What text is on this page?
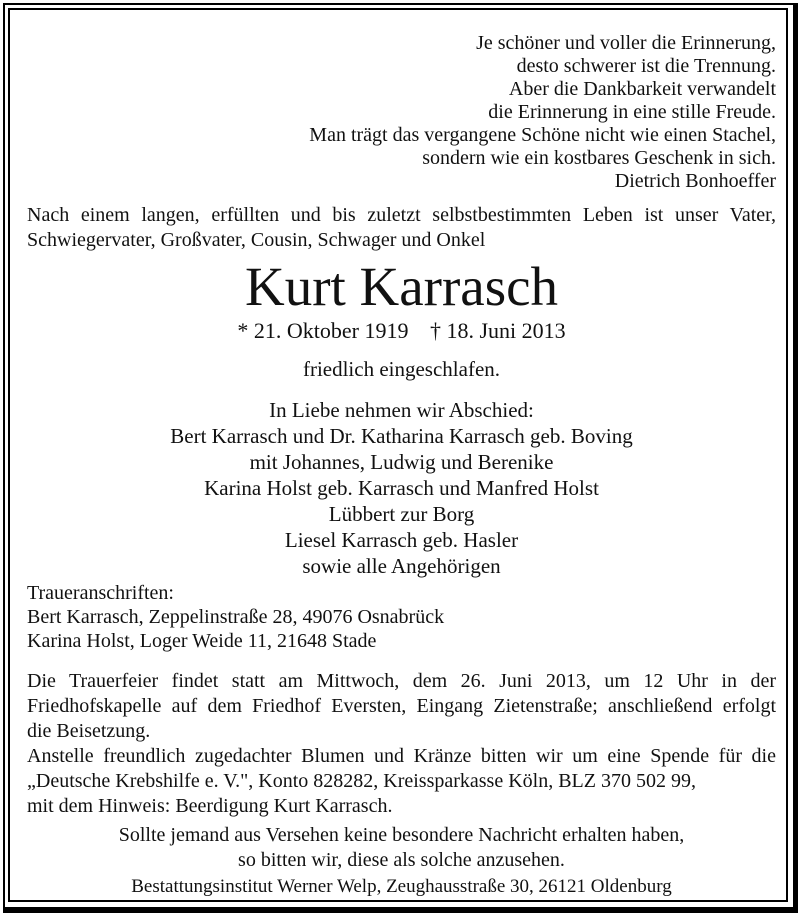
Je schöner und voller die Erinnerung,
desto schwerer ist die Trennung.
Aber die Dankbarkeit verwandelt
die Erinnerung in eine stille Freude.
Man trägt das vergangene Schöne nicht wie einen Stachel,
sondern wie ein kostbares Geschenk in sich.
Dietrich Bonhoeffer
Nach einem langen, erfüllten und bis zuletzt selbstbestimmten Leben ist unser Vater,
Schwiegervater, Großvater, Cousin, Schwager und Onkel
Kurt Karrasch
* 21. Oktober 1919 † 18. Juni 2013
friedlich eingeschlafen.
In Liebe nehmen wir Abschied:
Bert Karrasch und Dr. Katharina Karrasch geb. Boving
mit Johannes, Ludwig und Berenike
Karina Holst geb. Karrasch und Manfred Holst
Lübbert zur Borg
Liesel Karrasch geb. Hasler
sowie alle Angehörigen
Traueranschriften:
Bert Karrasch, Zeppelinstraße 28, 49076 Osnabrück
Karina Holst, Loger Weide 11, 21648 Stade
Die Trauerfeier findet statt am Mittwoch, dem 26. Juni 2013, um 12 Uhr in der
Friedhofskapelle auf dem Friedhof Eversten, Eingang Zietenstraße; anschließend erfolgt
die Beisetzung.
Anstelle freundlich zugedachter Blumen und Kränze bitten wir um eine Spende für die
„Deutsche Krebshilfe e. V.", Konto 828282, Kreissparkasse Köln, BLZ 370 502 99,
mit dem Hinweis: Beerdigung Kurt Karrasch.
Sollte jemand aus Versehen keine besondere Nachricht erhalten haben,
so bitten wir, diese als solche anzusehen.
Bestattungsinstitut Werner Welp, Zeughausstraße 30, 26121 Oldenburg
